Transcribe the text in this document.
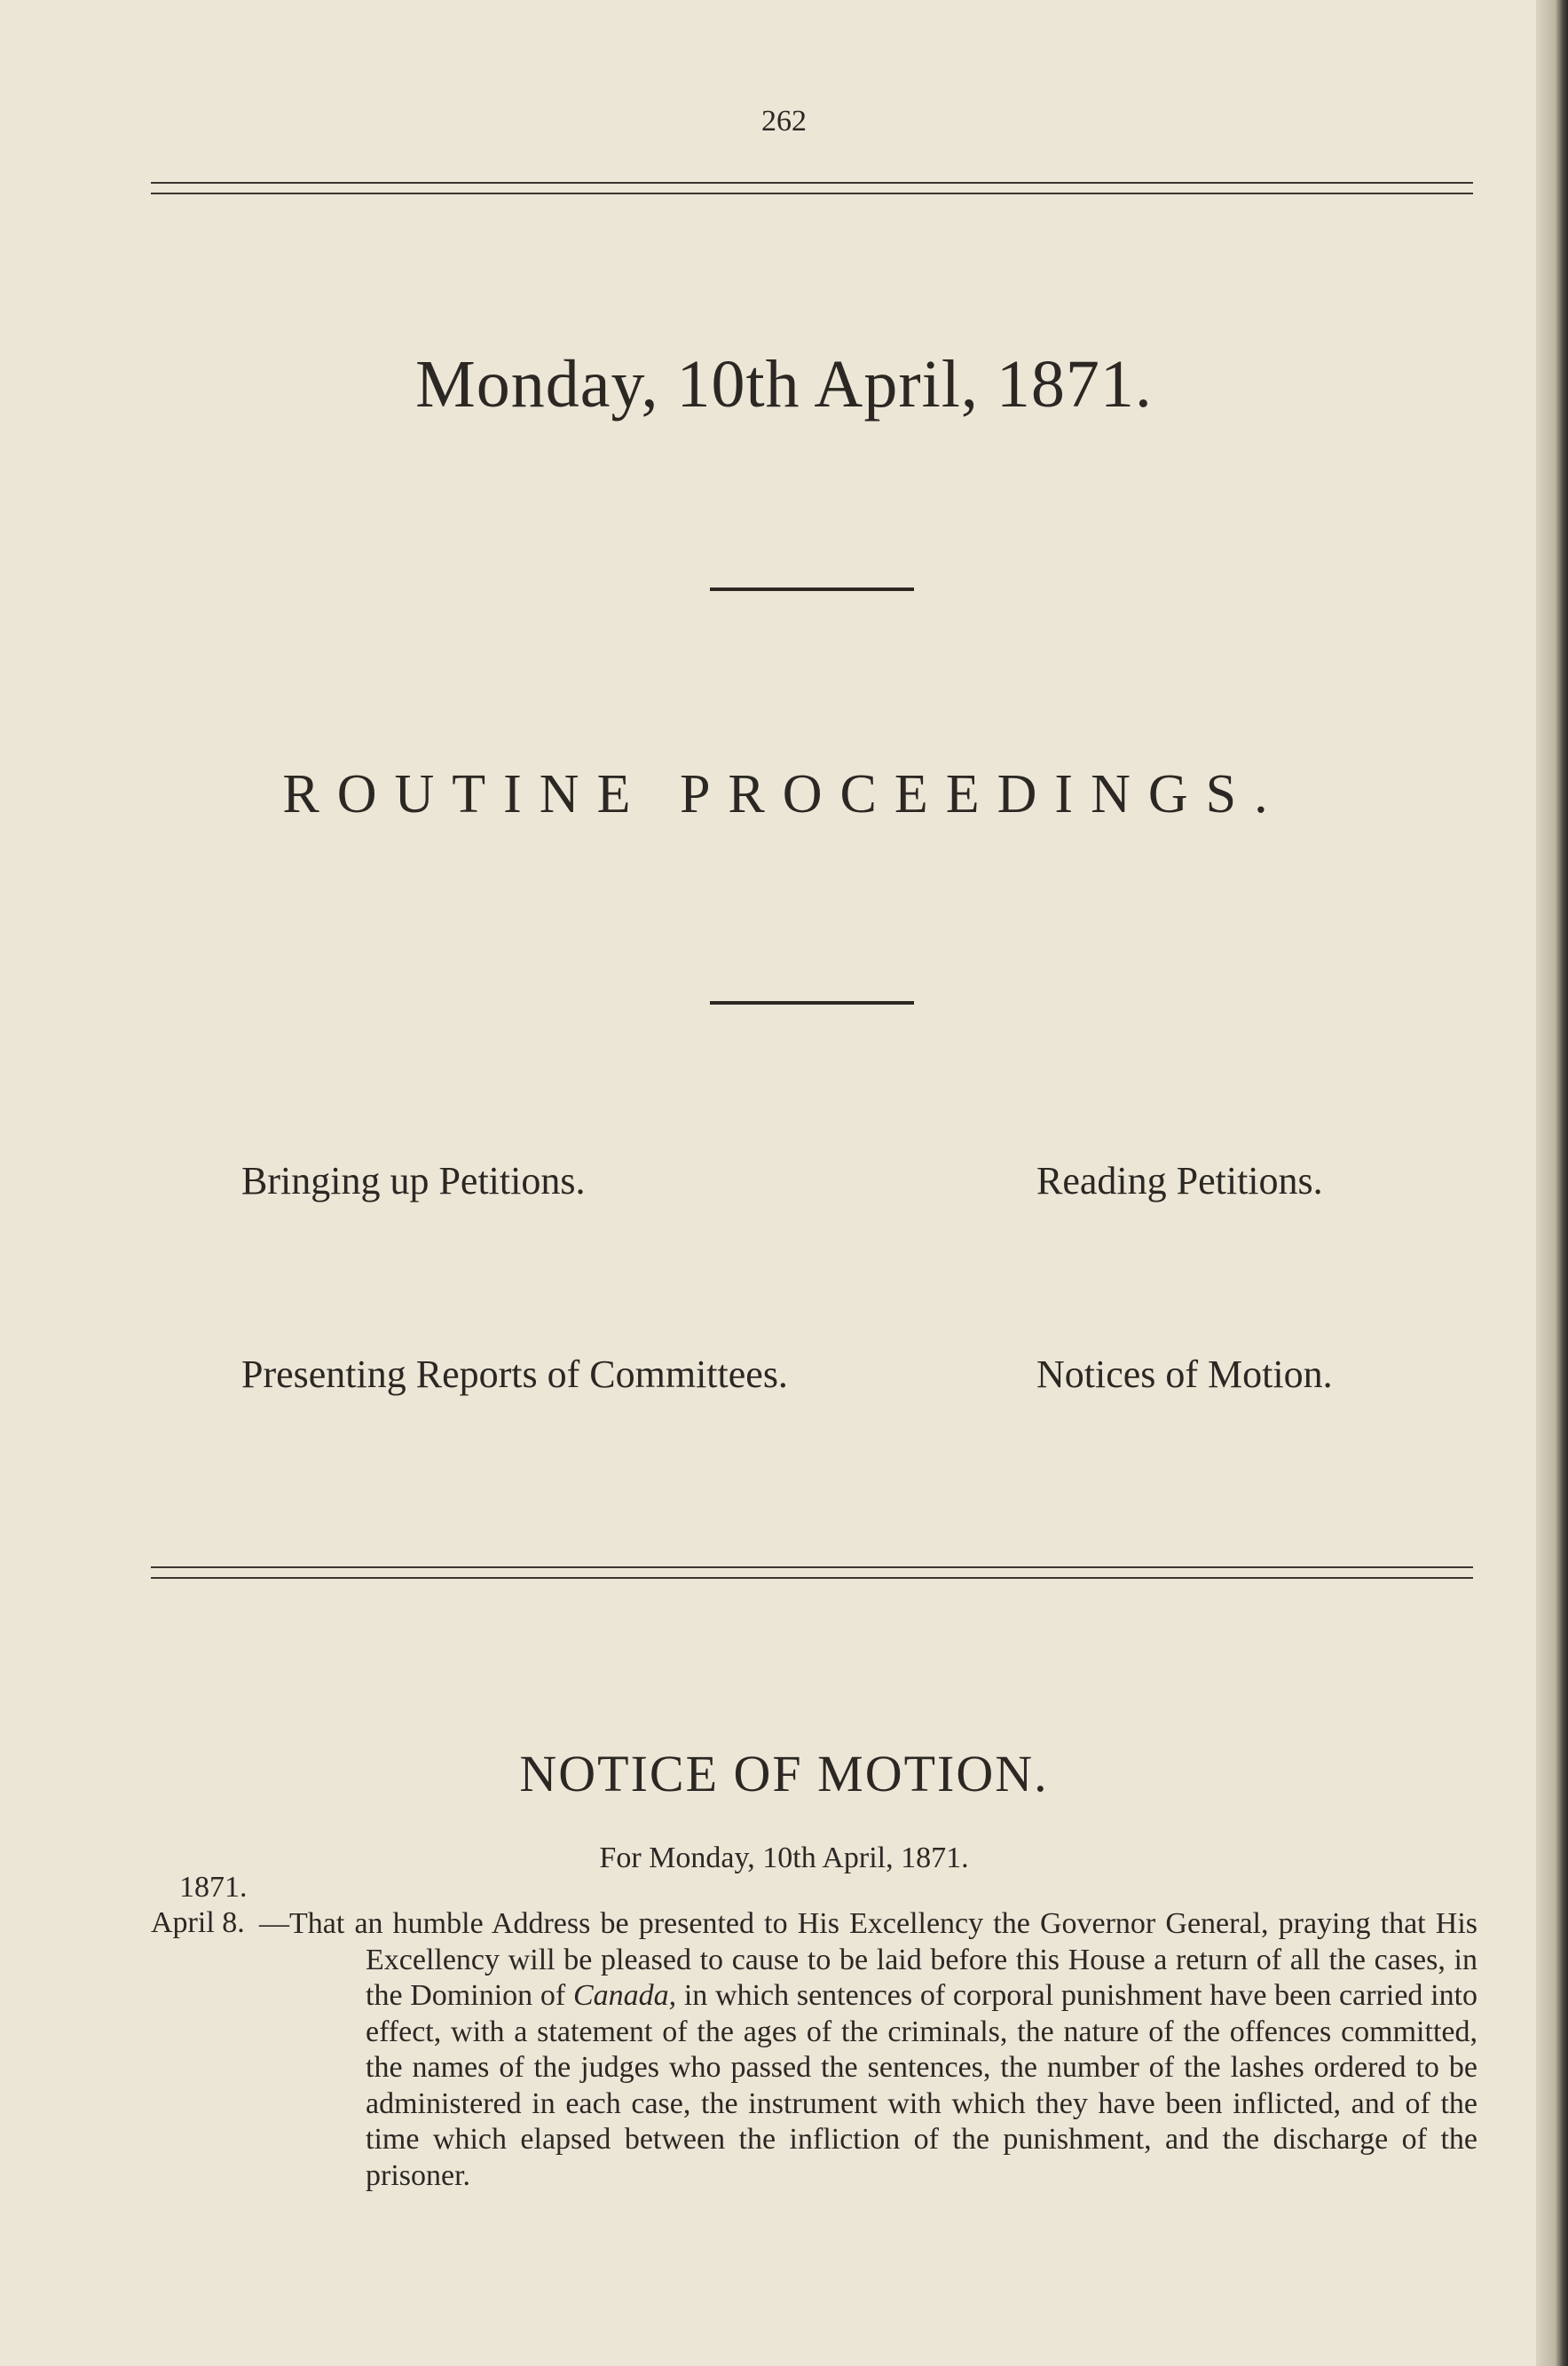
262
Monday, 10th April, 1871.
ROUTINE PROCEEDINGS.
Bringing up Petitions.	Reading Petitions.
Presenting Reports of Committees.	Notices of Motion.
NOTICE OF MOTION.
For Monday, 10th April, 1871.
1871.
April 8. —That an humble Address be presented to His Excellency the Governor General, praying that His Excellency will be pleased to cause to be laid before this House a return of all the cases, in the Dominion of Canada, in which sentences of corporal punishment have been carried into effect, with a statement of the ages of the criminals, the nature of the offences committed, the names of the judges who passed the sentences, the number of the lashes ordered to be administered in each case, the instrument with which they have been inflicted, and of the time which elapsed between the infliction of the punishment, and the discharge of the prisoner.
